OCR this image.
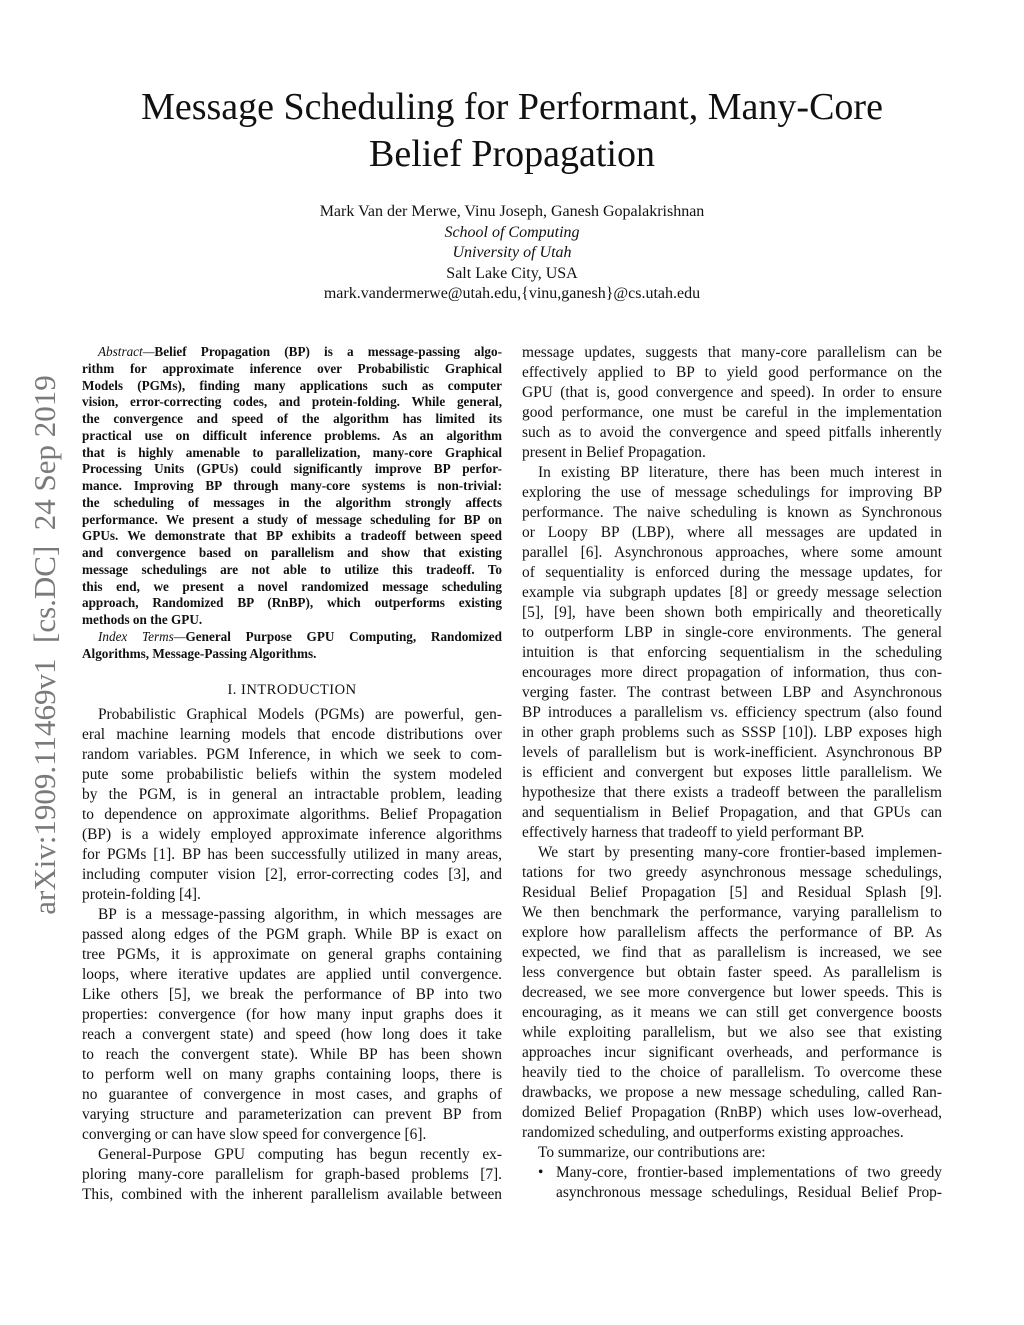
arXiv:1909.11469v1  [cs.DC]  24 Sep 2019
Message Scheduling for Performant, Many-Core
Belief Propagation
Mark Van der Merwe, Vinu Joseph, Ganesh Gopalakrishnan
School of Computing
University of Utah
Salt Lake City, USA
mark.vandermerwe@utah.edu,{vinu,ganesh}@cs.utah.edu
Abstract—Belief Propagation (BP) is a message-passing algo-
rithm for approximate inference over Probabilistic Graphical
Models (PGMs), finding many applications such as computer
vision, error-correcting codes, and protein-folding. While general,
the convergence and speed of the algorithm has limited its
practical use on difficult inference problems. As an algorithm
that is highly amenable to parallelization, many-core Graphical
Processing Units (GPUs) could significantly improve BP perfor-
mance. Improving BP through many-core systems is non-trivial:
the scheduling of messages in the algorithm strongly affects
performance. We present a study of message scheduling for BP on
GPUs. We demonstrate that BP exhibits a tradeoff between speed
and convergence based on parallelism and show that existing
message schedulings are not able to utilize this tradeoff. To
this end, we present a novel randomized message scheduling
approach, Randomized BP (RnBP), which outperforms existing
methods on the GPU.
Index Terms—General Purpose GPU Computing, Randomized
Algorithms, Message-Passing Algorithms.
I. INTRODUCTION
Probabilistic Graphical Models (PGMs) are powerful, gen-
eral machine learning models that encode distributions over
random variables. PGM Inference, in which we seek to com-
pute some probabilistic beliefs within the system modeled
by the PGM, is in general an intractable problem, leading
to dependence on approximate algorithms. Belief Propagation
(BP) is a widely employed approximate inference algorithms
for PGMs [1]. BP has been successfully utilized in many areas,
including computer vision [2], error-correcting codes [3], and
protein-folding [4].
BP is a message-passing algorithm, in which messages are
passed along edges of the PGM graph. While BP is exact on
tree PGMs, it is approximate on general graphs containing
loops, where iterative updates are applied until convergence.
Like others [5], we break the performance of BP into two
properties: convergence (for how many input graphs does it
reach a convergent state) and speed (how long does it take
to reach the convergent state). While BP has been shown
to perform well on many graphs containing loops, there is
no guarantee of convergence in most cases, and graphs of
varying structure and parameterization can prevent BP from
converging or can have slow speed for convergence [6].
General-Purpose GPU computing has begun recently ex-
ploring many-core parallelism for graph-based problems [7].
This, combined with the inherent parallelism available between
message updates, suggests that many-core parallelism can be
effectively applied to BP to yield good performance on the
GPU (that is, good convergence and speed). In order to ensure
good performance, one must be careful in the implementation
such as to avoid the convergence and speed pitfalls inherently
present in Belief Propagation.
In existing BP literature, there has been much interest in
exploring the use of message schedulings for improving BP
performance. The naive scheduling is known as Synchronous
or Loopy BP (LBP), where all messages are updated in
parallel [6]. Asynchronous approaches, where some amount
of sequentiality is enforced during the message updates, for
example via subgraph updates [8] or greedy message selection
[5], [9], have been shown both empirically and theoretically
to outperform LBP in single-core environments. The general
intuition is that enforcing sequentialism in the scheduling
encourages more direct propagation of information, thus con-
verging faster. The contrast between LBP and Asynchronous
BP introduces a parallelism vs. efficiency spectrum (also found
in other graph problems such as SSSP [10]). LBP exposes high
levels of parallelism but is work-inefficient. Asynchronous BP
is efficient and convergent but exposes little parallelism. We
hypothesize that there exists a tradeoff between the parallelism
and sequentialism in Belief Propagation, and that GPUs can
effectively harness that tradeoff to yield performant BP.
We start by presenting many-core frontier-based implemen-
tations for two greedy asynchronous message schedulings,
Residual Belief Propagation [5] and Residual Splash [9].
We then benchmark the performance, varying parallelism to
explore how parallelism affects the performance of BP. As
expected, we find that as parallelism is increased, we see
less convergence but obtain faster speed. As parallelism is
decreased, we see more convergence but lower speeds. This is
encouraging, as it means we can still get convergence boosts
while exploiting parallelism, but we also see that existing
approaches incur significant overheads, and performance is
heavily tied to the choice of parallelism. To overcome these
drawbacks, we propose a new message scheduling, called Ran-
domized Belief Propagation (RnBP) which uses low-overhead,
randomized scheduling, and outperforms existing approaches.
To summarize, our contributions are:
• Many-core, frontier-based implementations of two greedy
asynchronous message schedulings, Residual Belief Prop-
